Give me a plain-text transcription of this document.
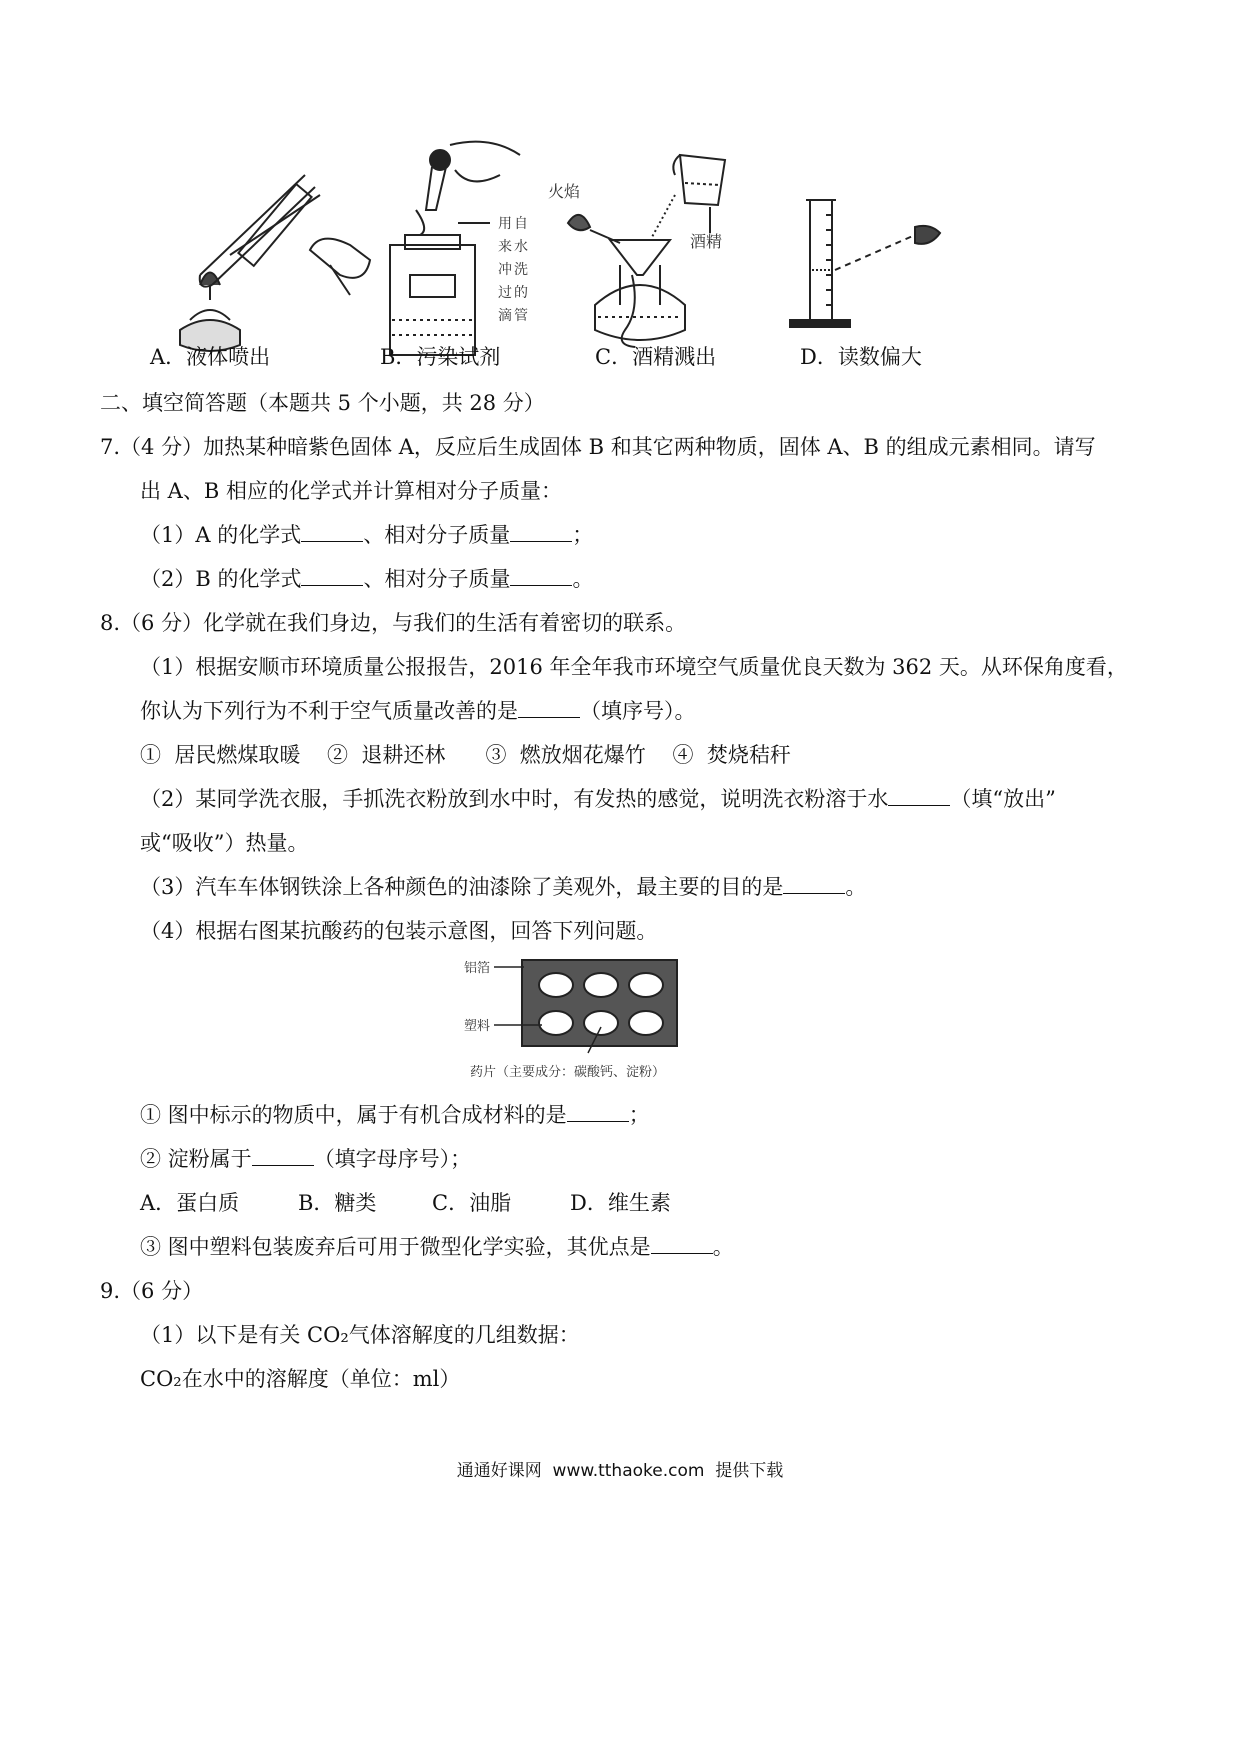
用 自
来 水
冲 洗
过 的
滴 管
火焰
酒精
A．液体喷出	B．污染试剂	C．酒精溅出	D．读数偏大
二、填空简答题（本题共 5 个小题，共 28 分）
7.（4 分）加热某种暗紫色固体 A，反应后生成固体 B 和其它两种物质，固体 A、B 的组成元素相同。请写
出 A、B 相应的化学式并计算相对分子质量：
（1）A 的化学式	、相对分子质量	；
（2）B 的化学式	、相对分子质量	。
8.（6 分）化学就在我们身边，与我们的生活有着密切的联系。
（1）根据安顺市环境质量公报报告，2016 年全年我市环境空气质量优良天数为 362 天。从环保角度看，
你认为下列行为不利于空气质量改善的是	（填序号）。
①  居民燃煤取暖    ②  退耕还林      ③  燃放烟花爆竹    ④  焚烧秸秆
（2）某同学洗衣服，手抓洗衣粉放到水中时，有发热的感觉，说明洗衣粉溶于水	（填“放出”
或“吸收”）热量。
（3）汽车车体钢铁涂上各种颜色的油漆除了美观外，最主要的目的是	。
（4）根据右图某抗酸药的包装示意图，回答下列问题。
铝箔
塑料
药片（主要成分：碳酸钙、淀粉）
① 图中标示的物质中，属于有机合成材料的是	；
② 淀粉属于	（填字母序号）；
A．蛋白质	B．糖类	C．油脂	D．维生素
③ 图中塑料包装废弃后可用于微型化学实验，其优点是	。
9.（6 分）
（1）以下是有关 CO₂气体溶解度的几组数据：
CO₂在水中的溶解度（单位：ml）
通通好课网  www.tthaoke.com  提供下载
